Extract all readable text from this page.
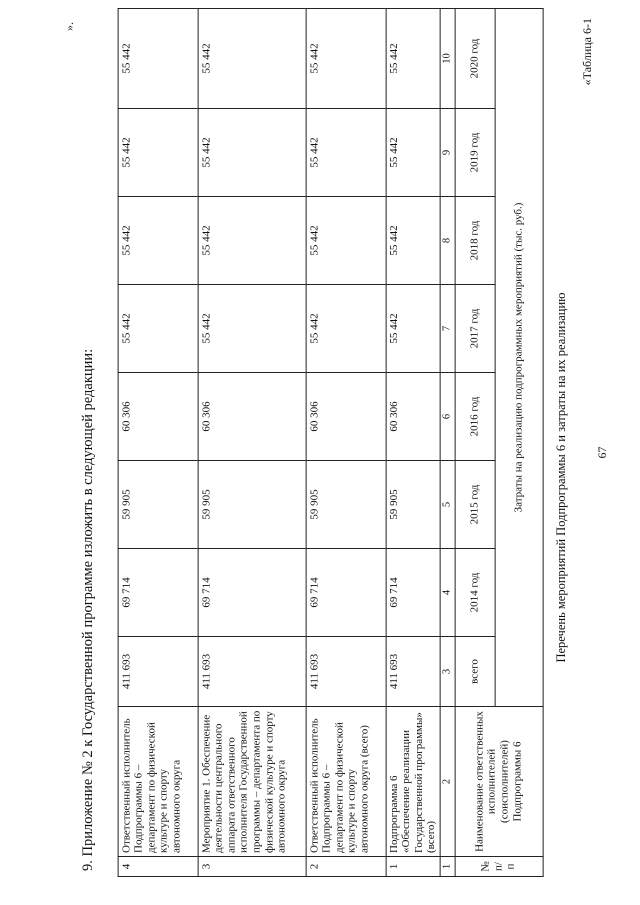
67
«Таблица 6-1
Перечень мероприятий Подпрограммы 6 и затраты на их реализацию
№ п/п	Наименование ответственных исполнителей (соисполнителей) Подпрограммы 6	Затраты на реализацию подпрограммных мероприятий (тыс. руб.)							
		всего	2014 год	2015 год	2016 год	2017 год	2018 год	2019 год	2020 год
1	2	3	4	5	6	7	8	9	10
1	Подпрограмма 6 «Обеспечение реализации Государственной программы» (всего)	411 693	69 714	59 905	60 306	55 442	55 442	55 442	55 442
2	Ответственный исполнитель Подпрограммы 6 – департамент по физической культуре и спорту автономного округа (всего)	411 693	69 714	59 905	60 306	55 442	55 442	55 442	55 442
3	Мероприятие 1. Обеспечение деятельности центрального аппарата ответственного исполнителя Государственной программы – департамента по физической культуре и спорту автономного округа	411 693	69 714	59 905	60 306	55 442	55 442	55 442	55 442
4	Ответственный исполнитель Подпрограммы 6 – департамент по физической культуре и спорту автономного округа	411 693	69 714	59 905	60 306	55 442	55 442	55 442	55 442
».
9. Приложение № 2 к Государственной программе изложить в следующей редакции:
